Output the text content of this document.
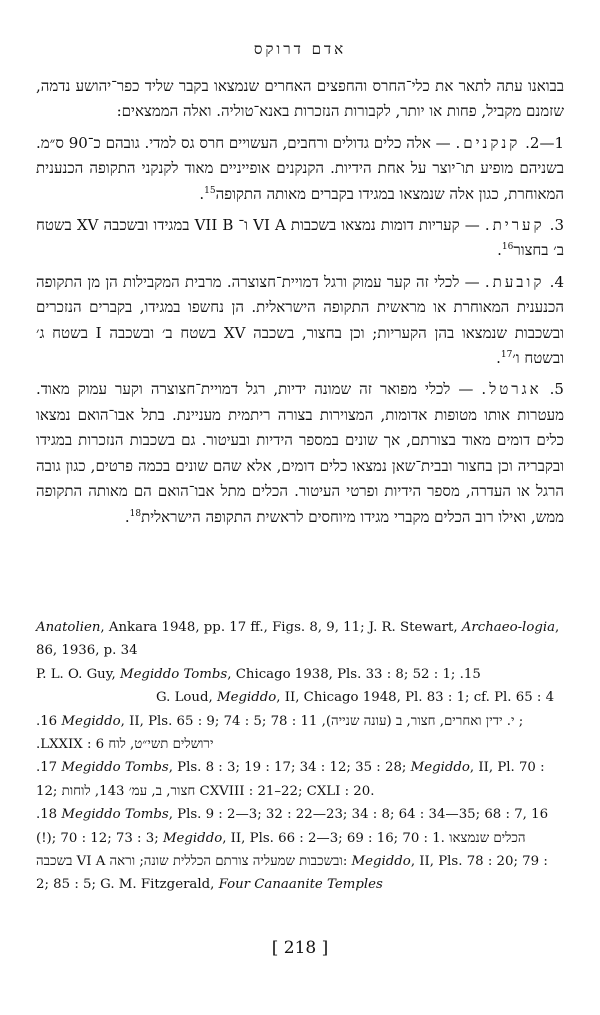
אדם דרוקס

בבואנו עתה לתאר את כלי־החרס והחפצים האחרים שנמצאו בקבר שליד כפר־יהושע נדמה, שזמנם מקביל, פחות או יותר, לקבורות הנזכרות באנא־טוליה. ואלה הממצאים:

1—2. קנקנים. — אלה כלים גדולים ורחבים, העשויים חרס גס למדי. גובהם כ־90 ס״מ. בשניהם מופיע תו־יוצר על אחת הידיות. הקנקנים אופייניים מאוד לקנקני התקופה הכנענית המאוחרת, כגון אלה שנמצאו במגידו בקברים מאותה התקופה$^{15}$.

3. קערית. — קעריות דומות נמצאו בשכבות VI A ו־ VII B במגידו ובשכבה XV בשטח ב׳ בחצור$^{16}$.

4. קובעת. — לכלי זה קער עמוק ורגל דמויית־חצוצרה. מרבית המקבילות הן מן התקופה הכנענית המאוחרת או מראשית התקופה הישראלית. הן נחשפו במגידו, בקברים הנזכרים ובשכבות שנמצאו בהן הקעריות; וכן בחצור, בשכבה XV בשטח ב׳ ובשכבה I בשטח ג׳ ובשטח ו׳$^{17}$.

5. אגרטל. — לכלי מפואר זה שמונה ידיות, רגל דמויית־חצוצרה וקער עמוק מאוד. מעטרות אותו מטופות אדומות, המצוירות בצורה ריתמית מעניינת. בתל אבו־הואם נמצאו כלים דומים מאוד בצורתם, אך שונים במספר הידיות ובעיטור. גם בשכבות הנזכרות במגידו ובקבריה וכן בחצור ובבית־שאן נמצאו כלים דומים, אלא שהם שונים בכמה פרטים, כגון גובה הרגל או העדרה, מספר הידיות ופרטי העיטור. הכלים מתל אבו־הואם הם מאותה התקופה ממש, ואילו רוב הכלים מקברי מגידו מיוחסים לראשית התקופה הישראלית$^{18}$.

Anatolien, Ankara 1948, pp. 17 ff., Figs. 8, 9, 11; J. R. Stewart, Archaeo-logia, 86, 1936, p. 34

P. L. O. Guy, Megiddo Tombs, Chicago 1938, Pls. 33 : 8; 52 : 1; .15

G. Loud, Megiddo, II, Chicago 1948, Pl. 83 : 1; cf. Pl. 65 : 4

.16 Megiddo, II, Pls. 65 : 9; 74 : 5; 78 : 11 ; י. ידין ואחרים, חצור, ב (עונה שנייה), ירושלים תשי״ט, לוח LXXIX : 6.

.17 Megiddo Tombs, Pls. 8 : 3; 19 : 17; 34 : 12; 35 : 28; Megiddo, II, Pl. 70 : 12; חצור, ב, עמ׳ 143, לוחות CXVIII : 21–22; CXLI : 20.

.18 Megiddo Tombs, Pls. 9 : 2—3; 32 : 22—23; 34 : 8; 64 : 34—35; 68 : 7, 16 (!); 70 : 12; 73 : 3; Megiddo, II, Pls. 66 : 2—3; 69 : 16; 70 : 1. הכלים שנמצאו בשכבה VI A ובשכבות שמעליה צורתם הכללית שונה; וראה: Megiddo, II, Pls. 78 : 20; 79 : 2; 85 : 5; G. M. Fitzgerald, Four Canaanite Temples

[ 218 ]
